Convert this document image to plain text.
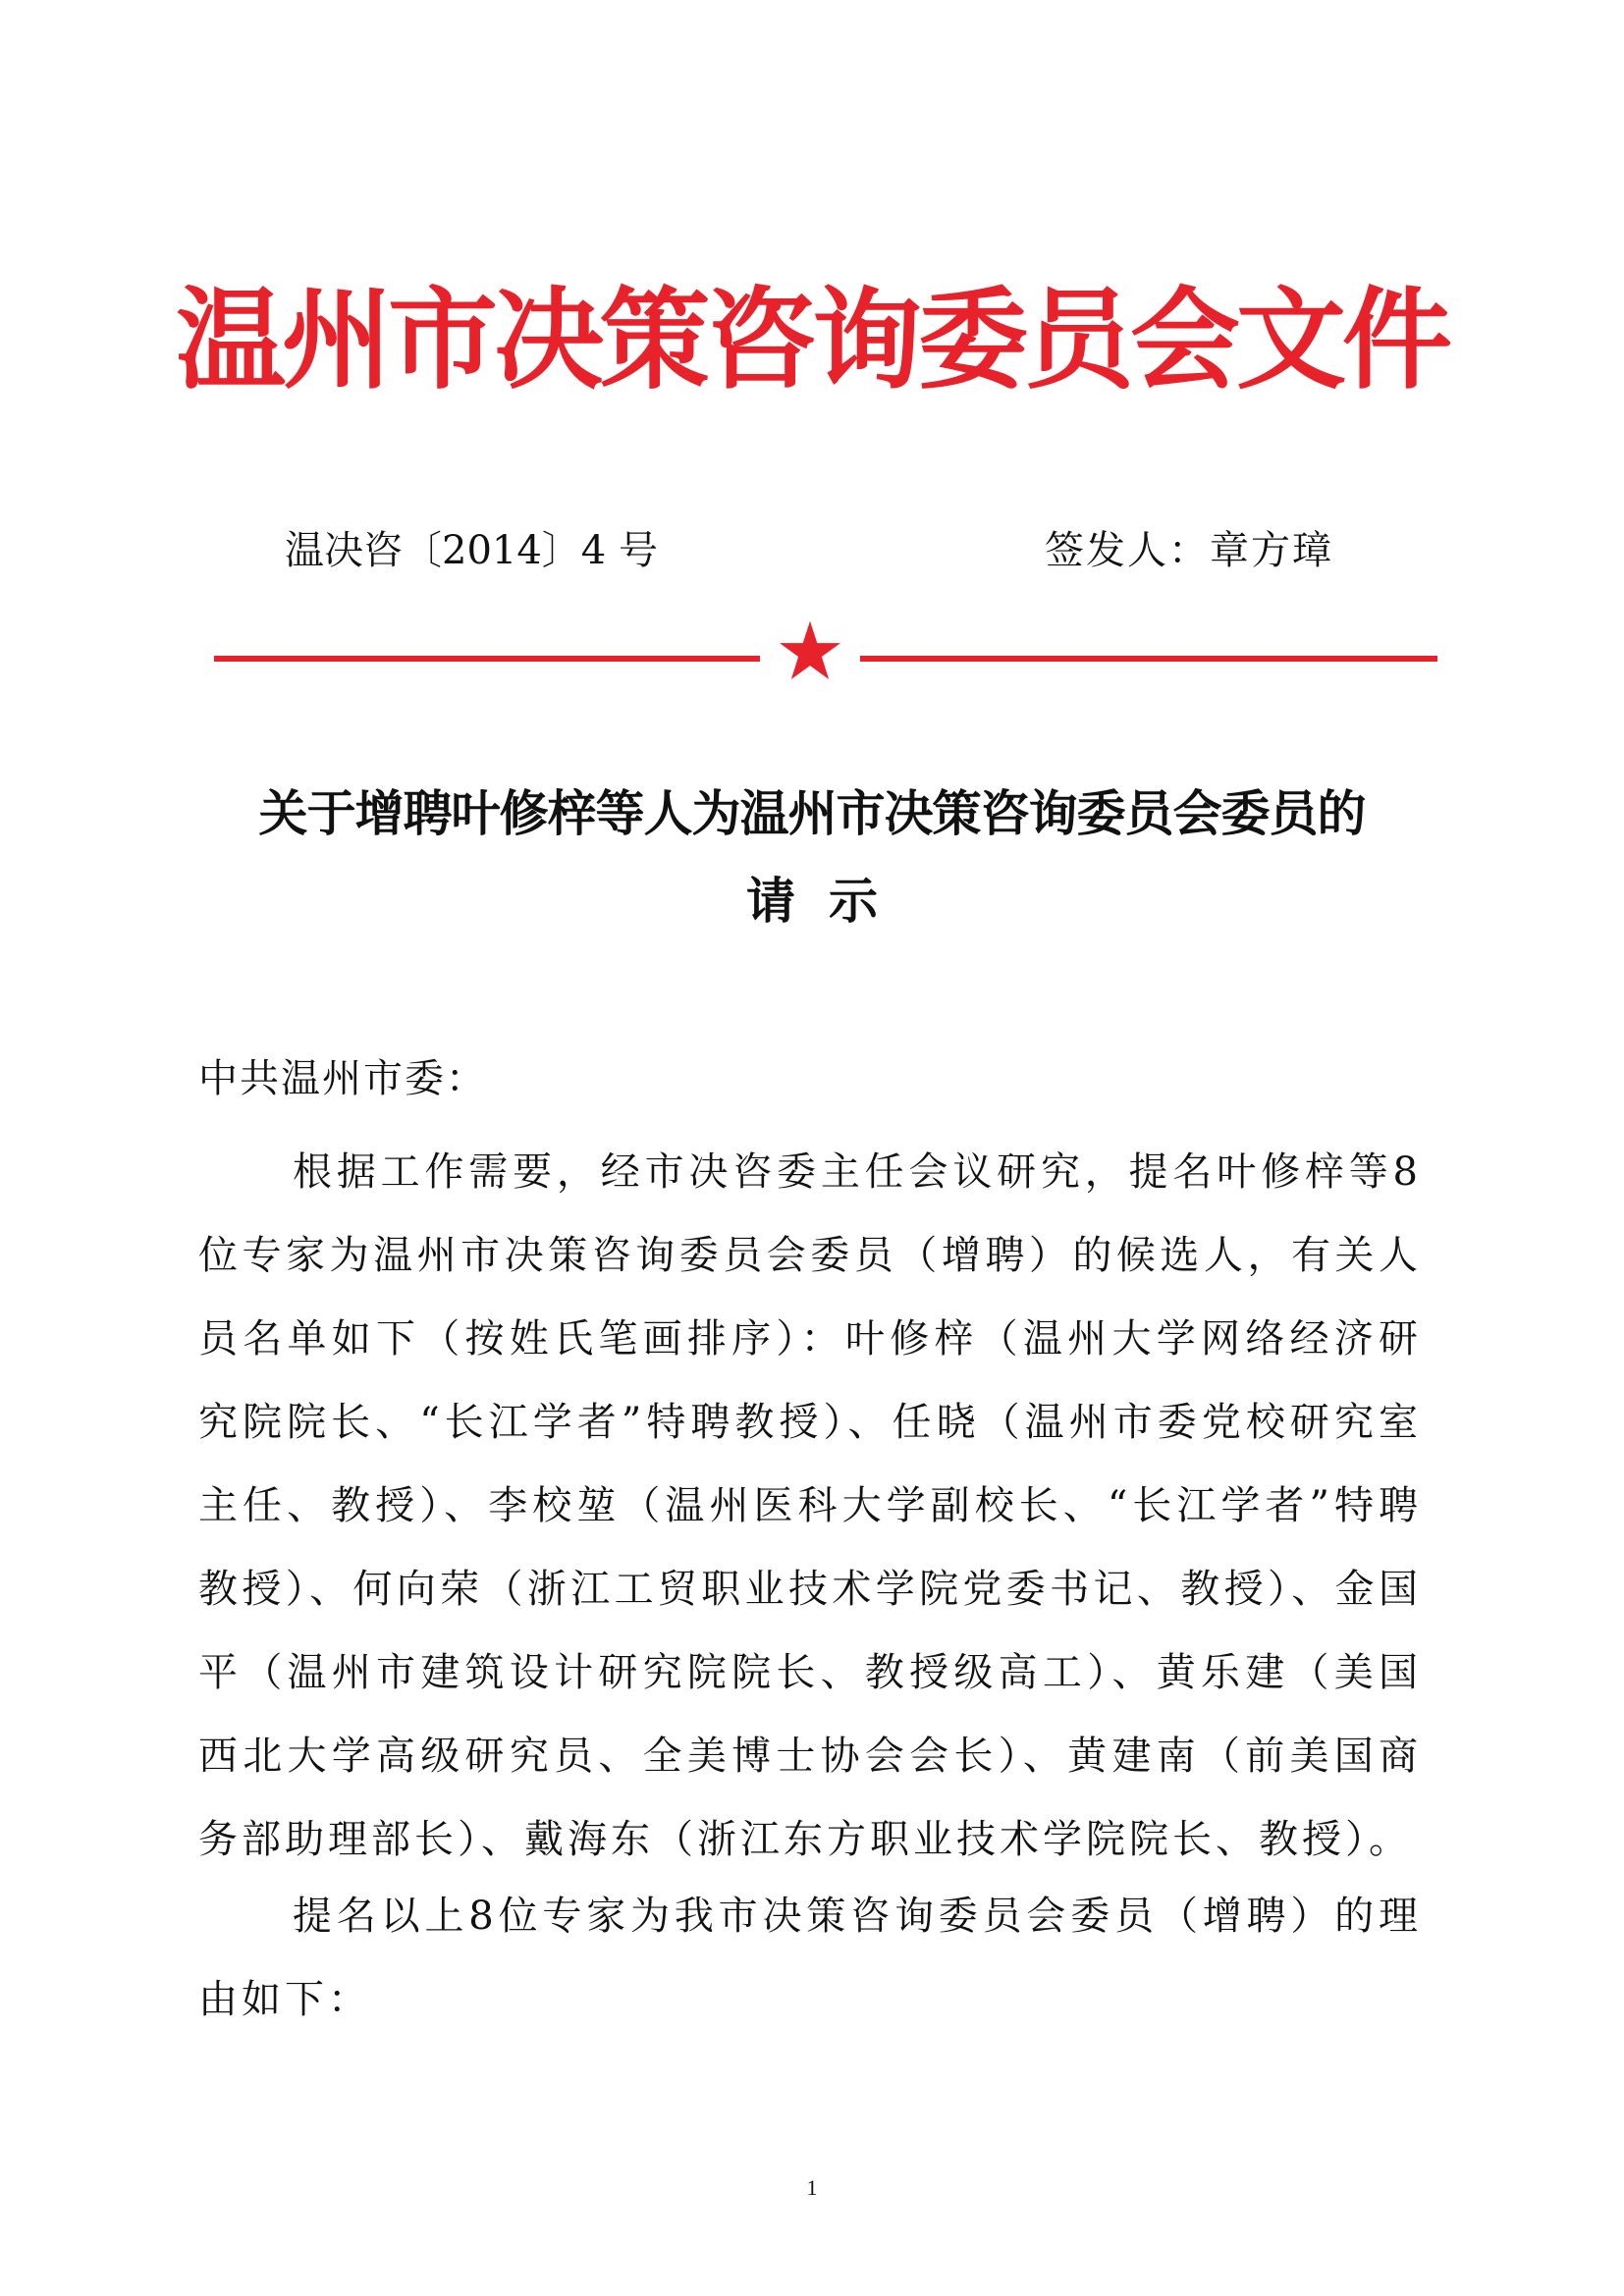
温州市决策咨询委员会文件
温决咨〔2014〕4 号	签发人：章方璋
关于增聘叶修梓等人为温州市决策咨询委员会委员的
请示
中共温州市委：

根据工作需要，经市决咨委主任会议研究，提名叶修梓等8位专家为温州市决策咨询委员会委员（增聘）的候选人，有关人员名单如下（按姓氏笔画排序）：叶修梓（温州大学网络经济研究院院长、“长江学者”特聘教授）、任晓（温州市委党校研究室主任、教授）、李校堃（温州医科大学副校长、“长江学者”特聘教授）、何向荣（浙江工贸职业技术学院党委书记、教授）、金国平（温州市建筑设计研究院院长、教授级高工）、黄乐建（美国西北大学高级研究员、全美博士协会会长）、黄建南（前美国商务部助理部长）、戴海东（浙江东方职业技术学院院长、教授）。

提名以上8位专家为我市决策咨询委员会委员（增聘）的理由如下：

1
